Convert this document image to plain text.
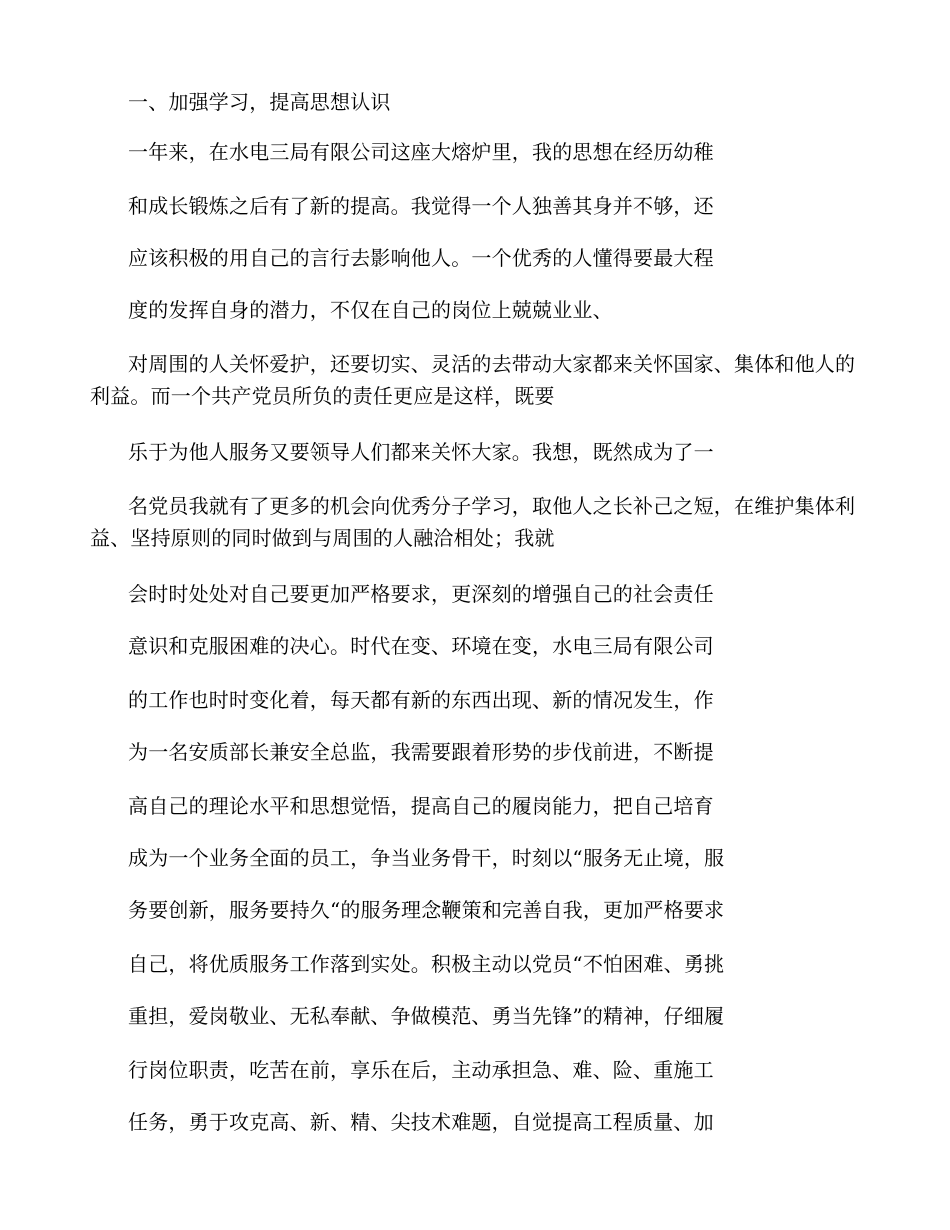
一、加强学习，提高思想认识

一年来，在水电三局有限公司这座大熔炉里，我的思想在经历幼稚

和成长锻炼之后有了新的提高。我觉得一个人独善其身并不够，还

应该积极的用自己的言行去影响他人。一个优秀的人懂得要最大程

度的发挥自身的潜力，不仅在自己的岗位上兢兢业业、

对周围的人关怀爱护，还要切实、灵活的去带动大家都来关怀国家、集体和他人的利益。而一个共产党员所负的责任更应是这样，既要

乐于为他人服务又要领导人们都来关怀大家。我想，既然成为了一

名党员我就有了更多的机会向优秀分子学习，取他人之长补己之短，在维护集体利益、坚持原则的同时做到与周围的人融洽相处；我就

会时时处处对自己要更加严格要求，更深刻的增强自己的社会责任

意识和克服困难的决心。时代在变、环境在变，水电三局有限公司

的工作也时时变化着，每天都有新的东西出现、新的情况发生，作

为一名安质部长兼安全总监，我需要跟着形势的步伐前进，不断提

高自己的理论水平和思想觉悟，提高自己的履岗能力，把自己培育

成为一个业务全面的员工，争当业务骨干，时刻以“服务无止境，服

务要创新，服务要持久“的服务理念鞭策和完善自我，更加严格要求

自己，将优质服务工作落到实处。积极主动以党员“不怕困难、勇挑

重担，爱岗敬业、无私奉献、争做模范、勇当先锋”的精神，仔细履

行岗位职责，吃苦在前，享乐在后，主动承担急、难、险、重施工

任务，勇于攻克高、新、精、尖技术难题，自觉提高工程质量、加
